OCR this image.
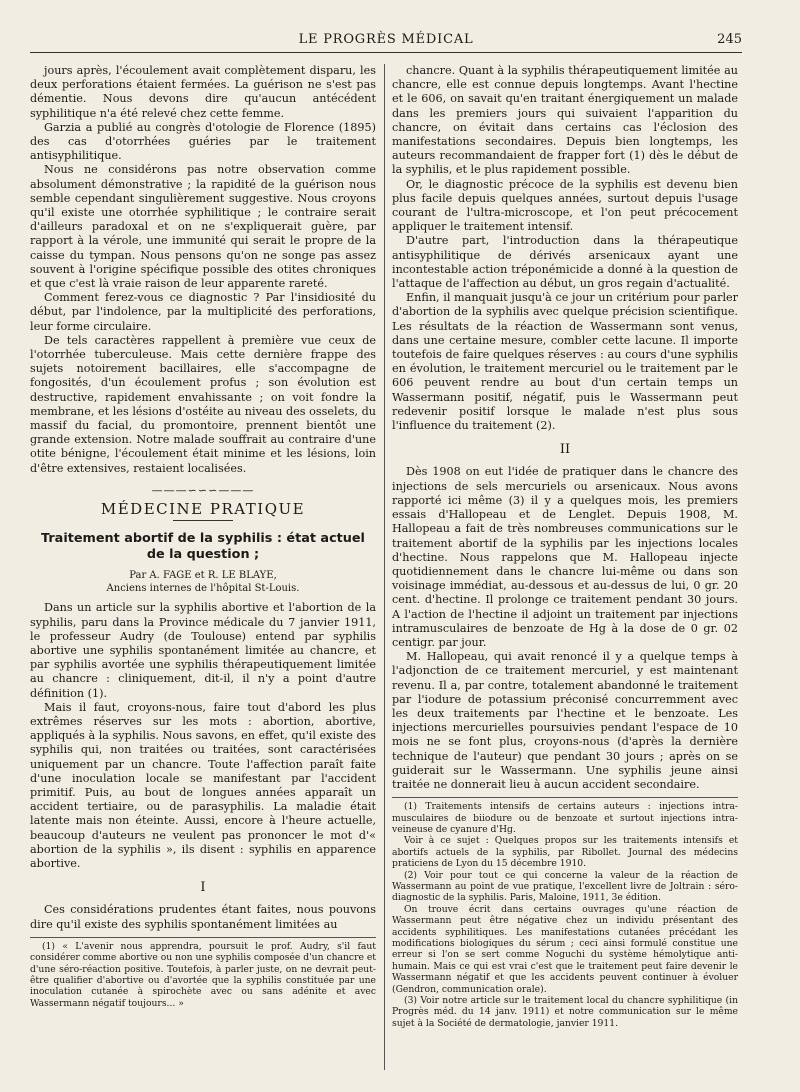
LE PROGRÈS MÉDICAL	245

jours après, l'écoulement avait complètement disparu, les deux perforations étaient fermées. La guérison ne s'est pas démentie. Nous devons dire qu'aucun antécédent syphilitique n'a été relevé chez cette femme.

Garzia a publié au congrès d'otologie de Florence (1895) des cas d'otorrhées guéries par le traitement antisyphilitique.

Nous ne considérons pas notre observation comme absolument démonstrative ; la rapidité de la guérison nous semble cependant singulièrement suggestive. Nous croyons qu'il existe une otorrhée syphilitique ; le contraire serait d'ailleurs paradoxal et on ne s'expliquerait guère, par rapport à la vérole, une immunité qui serait le propre de la caisse du tympan. Nous pensons qu'on ne songe pas assez souvent à l'origine spécifique possible des otites chroniques et que c'est là vraie raison de leur apparente rareté.

Comment ferez-vous ce diagnostic ? Par l'insidiosité du début, par l'indolence, par la multiplicité des perforations, leur forme circulaire.

De tels caractères rappellent à première vue ceux de l'otorrhée tuberculeuse. Mais cette dernière frappe des sujets notoirement bacillaires, elle s'accompagne de fongosités, d'un écoulement profus ; son évolution est destructive, rapidement envahissante ; on voit fondre la membrane, et les lésions d'ostéite au niveau des osselets, du massif du facial, du promontoire, prennent bientôt une grande extension. Notre malade souffrait au contraire d'une otite bénigne, l'écoulement était minime et les lésions, loin d'être extensives, restaient localisées.

———∽∽∽———
MÉDECINE PRATIQUE
Traitement abortif de la syphilis : état actuel de la question ;
Par A. FAGE et R. LE BLAYE,
Anciens internes de l'hôpital St-Louis.

Dans un article sur la syphilis abortive et l'abortion de la syphilis, paru dans la Province médicale du 7 janvier 1911, le professeur Audry (de Toulouse) entend par syphilis abortive une syphilis spontanément limitée au chancre, et par syphilis avortée une syphilis thérapeutiquement limitée au chancre : cliniquement, dit-il, il n'y a point d'autre définition (1).

Mais il faut, croyons-nous, faire tout d'abord les plus extrêmes réserves sur les mots : abortion, abortive, appliqués à la syphilis. Nous savons, en effet, qu'il existe des syphilis qui, non traitées ou traitées, sont caractérisées uniquement par un chancre. Toute l'affection paraît faite d'une inoculation locale se manifestant par l'accident primitif. Puis, au bout de longues années apparaît un accident tertiaire, ou de parasyphilis. La maladie était latente mais non éteinte. Aussi, encore à l'heure actuelle, beaucoup d'auteurs ne veulent pas prononcer le mot d'« abortion de la syphilis », ils disent : syphilis en apparence abortive.

I

Ces considérations prudentes étant faites, nous pouvons dire qu'il existe des syphilis spontanément limitées au

(1) « L'avenir nous apprendra, poursuit le prof. Audry, s'il faut considérer comme abortive ou non une syphilis composée d'un chancre et d'une séro-réaction positive. Toutefois, à parler juste, on ne devrait peut-être qualifier d'abortive ou d'avortée que la syphilis constituée par une inoculation cutanée à spirochète avec ou sans adénite et avec Wassermann négatif toujours... »

chancre. Quant à la syphilis thérapeutiquement limitée au chancre, elle est connue depuis longtemps. Avant l'hectine et le 606, on savait qu'en traitant énergiquement un malade dans les premiers jours qui suivaient l'apparition du chancre, on évitait dans certains cas l'éclosion des manifestations secondaires. Depuis bien longtemps, les auteurs recommandaient de frapper fort (1) dès le début de la syphilis, et le plus rapidement possible.

Or, le diagnostic précoce de la syphilis est devenu bien plus facile depuis quelques années, surtout depuis l'usage courant de l'ultra-microscope, et l'on peut précocement appliquer le traitement intensif.

D'autre part, l'introduction dans la thérapeutique antisyphilitique de dérivés arsenicaux ayant une incontestable action tréponémicide a donné à la question de l'attaque de l'affection au début, un gros regain d'actualité.

Enfin, il manquait jusqu'à ce jour un critérium pour parler d'abortion de la syphilis avec quelque précision scientifique. Les résultats de la réaction de Wassermann sont venus, dans une certaine mesure, combler cette lacune. Il importe toutefois de faire quelques réserves : au cours d'une syphilis en évolution, le traitement mercuriel ou le traitement par le 606 peuvent rendre au bout d'un certain temps un Wassermann positif, négatif, puis le Wassermann peut redevenir positif lorsque le malade n'est plus sous l'influence du traitement (2).

II

Dès 1908 on eut l'idée de pratiquer dans le chancre des injections de sels mercuriels ou arsenicaux. Nous avons rapporté ici même (3) il y a quelques mois, les premiers essais d'Hallopeau et de Lenglet. Depuis 1908, M. Hallopeau a fait de très nombreuses communications sur le traitement abortif de la syphilis par les injections locales d'hectine. Nous rappelons que M. Hallopeau injecte quotidiennement dans le chancre lui-même ou dans son voisinage immédiat, au-dessous et au-dessus de lui, 0 gr. 20 cent. d'hectine. Il prolonge ce traitement pendant 30 jours. A l'action de l'hectine il adjoint un traitement par injections intramusculaires de benzoate de Hg à la dose de 0 gr. 02 centigr. par jour.

M. Hallopeau, qui avait renoncé il y a quelque temps à l'adjonction de ce traitement mercuriel, y est maintenant revenu. Il a, par contre, totalement abandonné le traitement par l'iodure de potassium préconisé concurremment avec les deux traitements par l'hectine et le benzoate. Les injections mercurielles poursuivies pendant l'espace de 10 mois ne se font plus, croyons-nous (d'après la dernière technique de l'auteur) que pendant 30 jours ; après on se guiderait sur le Wassermann. Une syphilis jeune ainsi traitée ne donnerait lieu à aucun accident secondaire.

(1) Traitements intensifs de certains auteurs : injections intra-musculaires de biiodure ou de benzoate et surtout injections intra-veineuse de cyanure d'Hg.

Voir à ce sujet : Quelques propos sur les traitements intensifs et abortifs actuels de la syphilis, par Ribollet. Journal des médecins praticiens de Lyon du 15 décembre 1910.

(2) Voir pour tout ce qui concerne la valeur de la réaction de Wassermann au point de vue pratique, l'excellent livre de Joltrain : séro-diagnostic de la syphilis. Paris, Maloine, 1911, 3e édition.

On trouve écrit dans certains ouvrages qu'une réaction de Wassermann peut être négative chez un individu présentant des accidents syphilitiques. Les manifestations cutanées précédant les modifications biologiques du sérum ; ceci ainsi formulé constitue une erreur si l'on se sert comme Noguchi du système hémolytique anti-humain. Mais ce qui est vrai c'est que le traitement peut faire devenir le Wassermann négatif et que les accidents peuvent continuer à évoluer (Gendron, communication orale).

(3) Voir notre article sur le traitement local du chancre syphilitique (in Progrès méd. du 14 janv. 1911) et notre communication sur le même sujet à la Société de dermatologie, janvier 1911.
